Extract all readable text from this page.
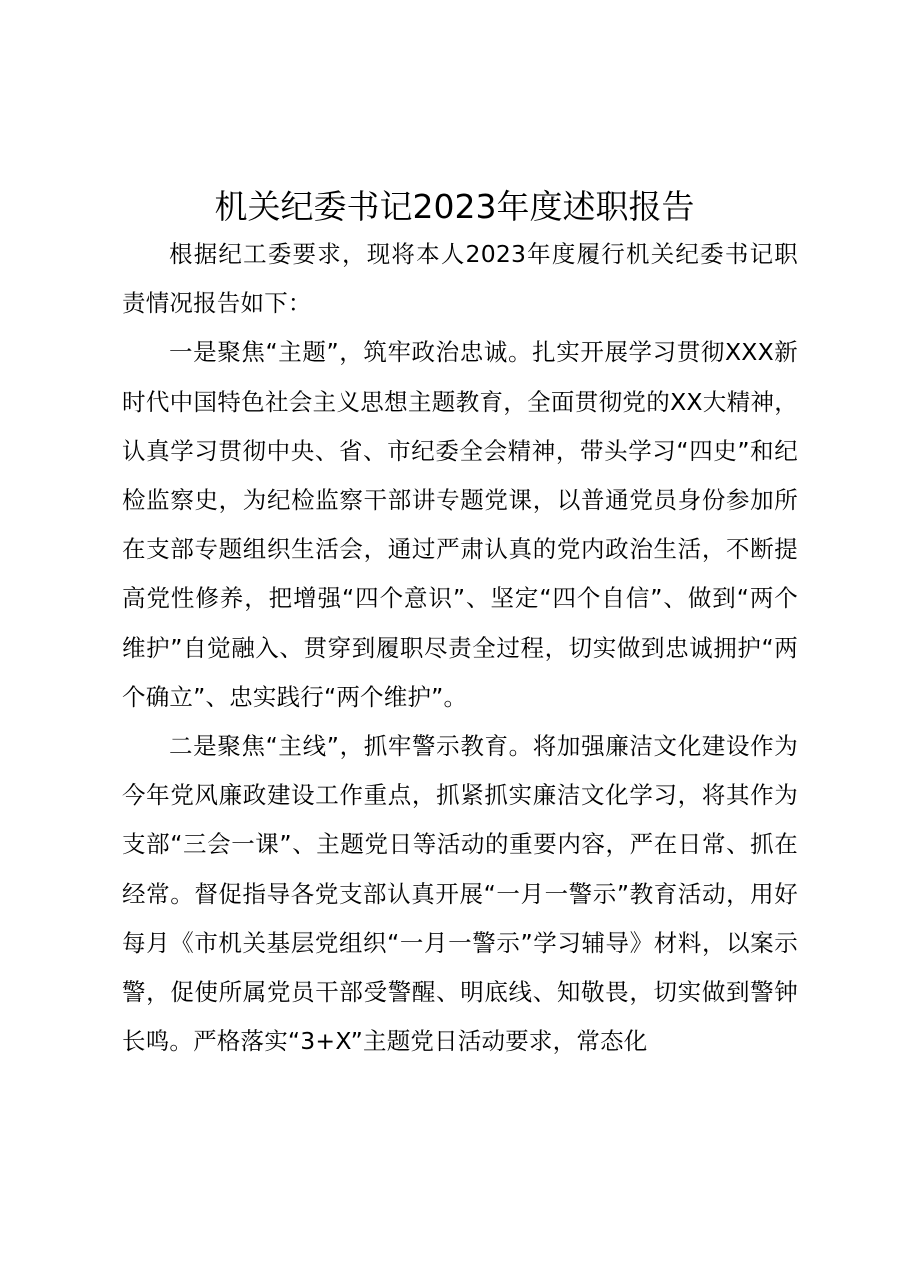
机关纪委书记2023年度述职报告

根据纪工委要求，现将本人2023年度履行机关纪委书记职责情况报告如下：

一是聚焦“主题”，筑牢政治忠诚。扎实开展学习贯彻XXX新时代中国特色社会主义思想主题教育，全面贯彻党的XX大精神，认真学习贯彻中央、省、市纪委全会精神，带头学习“四史”和纪检监察史，为纪检监察干部讲专题党课，以普通党员身份参加所在支部专题组织生活会，通过严肃认真的党内政治生活，不断提高党性修养，把增强“四个意识”、坚定“四个自信”、做到“两个维护”自觉融入、贯穿到履职尽责全过程，切实做到忠诚拥护“两个确立”、忠实践行“两个维护”。

二是聚焦“主线”，抓牢警示教育。将加强廉洁文化建设作为今年党风廉政建设工作重点，抓紧抓实廉洁文化学习，将其作为支部“三会一课”、主题党日等活动的重要内容，严在日常、抓在经常。督促指导各党支部认真开展“一月一警示”教育活动，用好每月《市机关基层党组织“一月一警示”学习辅导》材料，以案示警，促使所属党员干部受警醒、明底线、知敬畏，切实做到警钟长鸣。严格落实“3+X”主题党日活动要求，常态化
